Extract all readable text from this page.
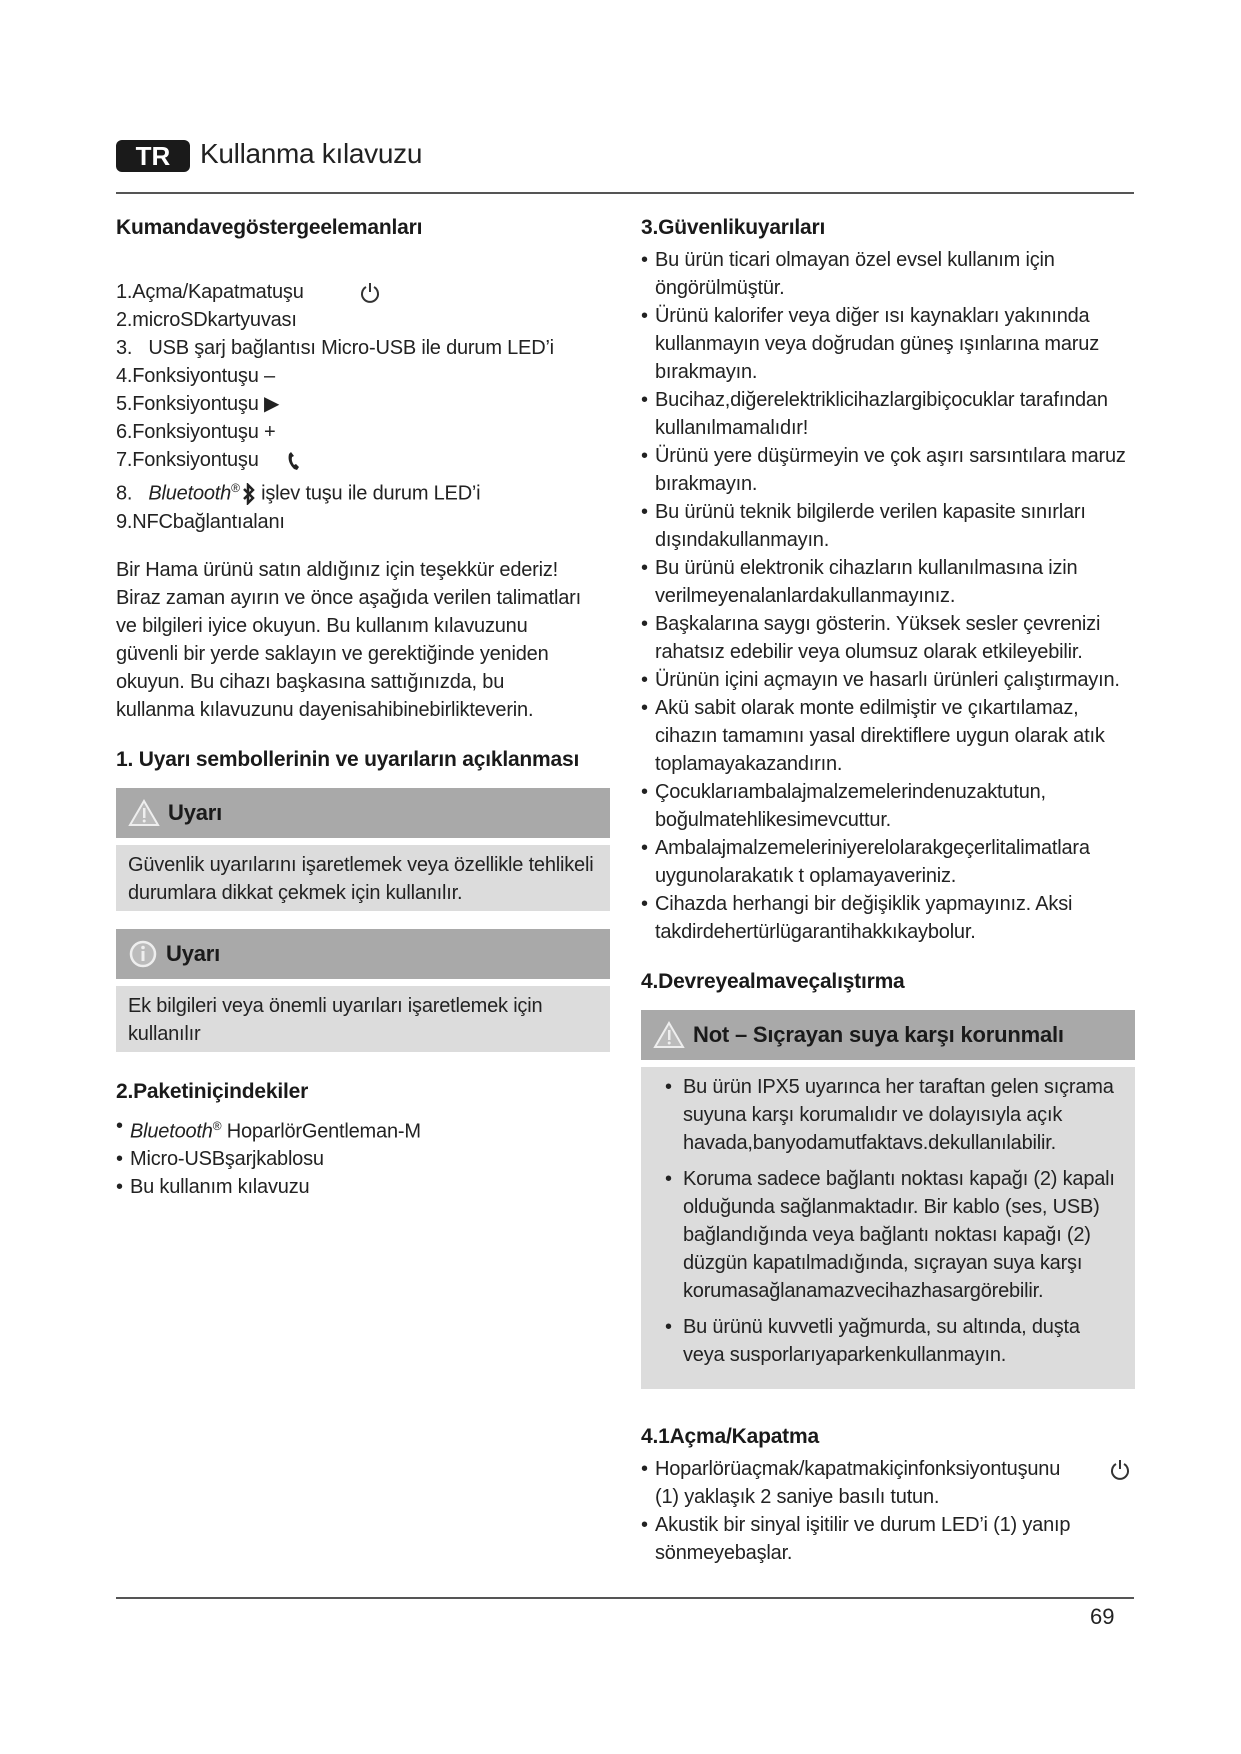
TR	Kullanma kılavuzu
Kumandavegöstergeelemanları
1.Açma/Kapatmatuşu
2.microSDkartyuvası
3.   USB şarj bağlantısı Micro-USB ile durum LED’i
4.Fonksiyontuşu –
5.Fonksiyontuşu ▶
6.Fonksiyontuşu +
7.Fonksiyontuşu
8.   Bluetooth® işlev tuşu ile durum LED’i
9.NFCbağlantıalanı

Bir Hama ürünü satın aldığınız için teşekkür ederiz! Biraz zaman ayırın ve önce aşağıda verilen talimatları ve bilgileri iyice okuyun. Bu kullanım kılavuzunu güvenli bir yerde saklayın ve gerektiğinde yeniden okuyun. Bu cihazı başkasına sattığınızda, bu kullanma kılavuzunu dayenisahibinebirlikteverin.

1. Uyarı sembollerinin ve uyarıların açıklanması
Uyarı
Güvenlik uyarılarını işaretlemek veya özellikle tehlikeli durumlara dikkat çekmek için kullanılır.
Uyarı
Ek bilgileri veya önemli uyarıları işaretlemek için kullanılır
2.Paketiniçindekiler
• Bluetooth® HoparlörGentleman-M
• Micro-USBşarjkablosu
• Bu kullanım kılavuzu
3.Güvenlikuyarıları
• Bu ürün ticari olmayan özel evsel kullanım için öngörülmüştür.
• Ürünü kalorifer veya diğer ısı kaynakları yakınında kullanmayın veya doğrudan güneş ışınlarına maruz bırakmayın.
• Bucihaz,diğerelektriklicihazlargibiçocuklar tarafından kullanılmamalıdır!
• Ürünü yere düşürmeyin ve çok aşırı sarsıntılara maruz bırakmayın.
• Bu ürünü teknik bilgilerde verilen kapasite sınırları dışındakullanmayın.
• Bu ürünü elektronik cihazların kullanılmasına izin verilmeyenalanlardakullanmayınız.
• Başkalarına saygı gösterin. Yüksek sesler çevrenizi rahatsız edebilir veya olumsuz olarak etkileyebilir.
• Ürünün içini açmayın ve hasarlı ürünleri çalıştırmayın.
• Akü sabit olarak monte edilmiştir ve çıkartılamaz, cihazın tamamını yasal direktiflere uygun olarak atık toplamayakazandırın.
• Çocuklarıambalajmalzemelerindenuzaktutun, boğulmatehlikesimevcuttur.
• Ambalajmalzemeleriniyerelolarakgeçerlitalimatlara uygunolarakatık t oplamayaveriniz.
• Cihazda herhangi bir değişiklik yapmayınız. Aksi takdirdehertürlügarantihakkıkaybolur.
4.Devreyealmaveçalıştırma
Not – Sıçrayan suya karşı korunmalı
• Bu ürün IPX5 uyarınca her taraftan gelen sıçrama suyuna karşı korumalıdır ve dolayısıyla açık havada,banyodamutfaktavs.dekullanılabilir.
• Koruma sadece bağlantı noktası kapağı (2) kapalı olduğunda sağlanmaktadır. Bir kablo (ses, USB) bağlandığında veya bağlantı noktası kapağı (2) düzgün kapatılmadığında, sıçrayan suya karşı korumasağlanamazvecihazhasargörebilir.
• Bu ürünü kuvvetli yağmurda, su altında, duşta veya susporlarıyaparkenkullanmayın.
4.1Açma/Kapatma
• Hoparlörüaçmak/kapatmakiçinfonksiyontuşunu (1) yaklaşık 2 saniye basılı tutun.
• Akustik bir sinyal işitilir ve durum LED’i (1) yanıp sönmeyebaşlar.
69
